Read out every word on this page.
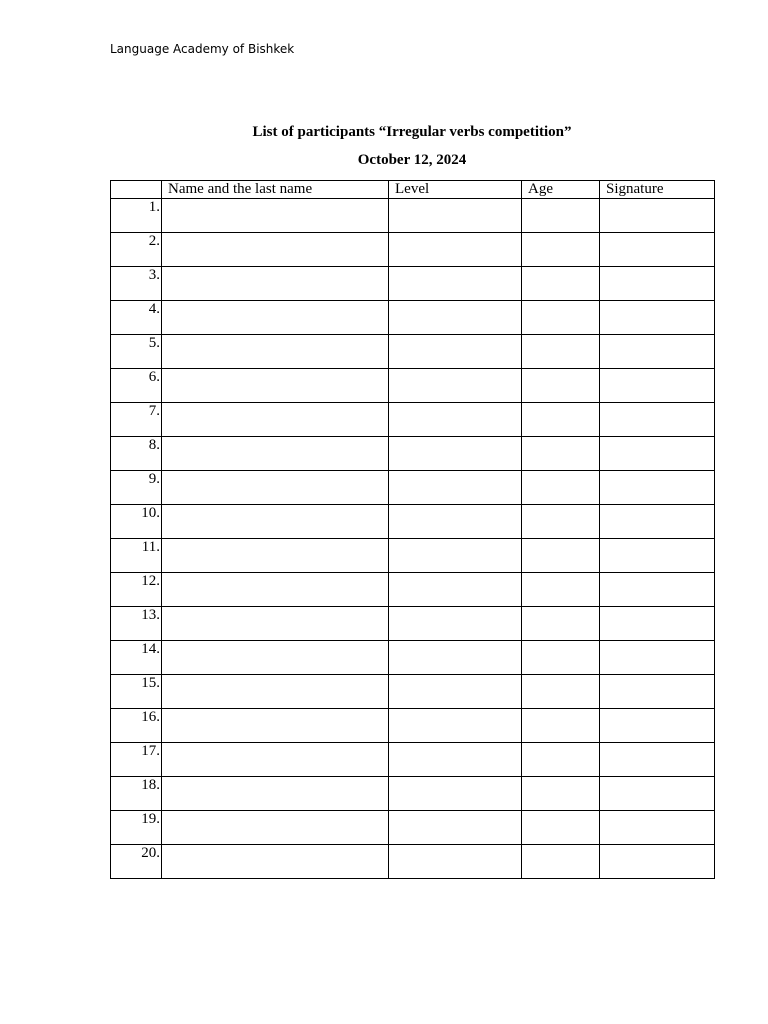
Language Academy of Bishkek
List of participants “Irregular verbs competition”
October 12, 2024
	Name and the last name	Level	Age	Signature
1.				
2.				
3.				
4.				
5.				
6.				
7.				
8.				
9.				
10.				
11.				
12.				
13.				
14.				
15.				
16.				
17.				
18.				
19.				
20.				
